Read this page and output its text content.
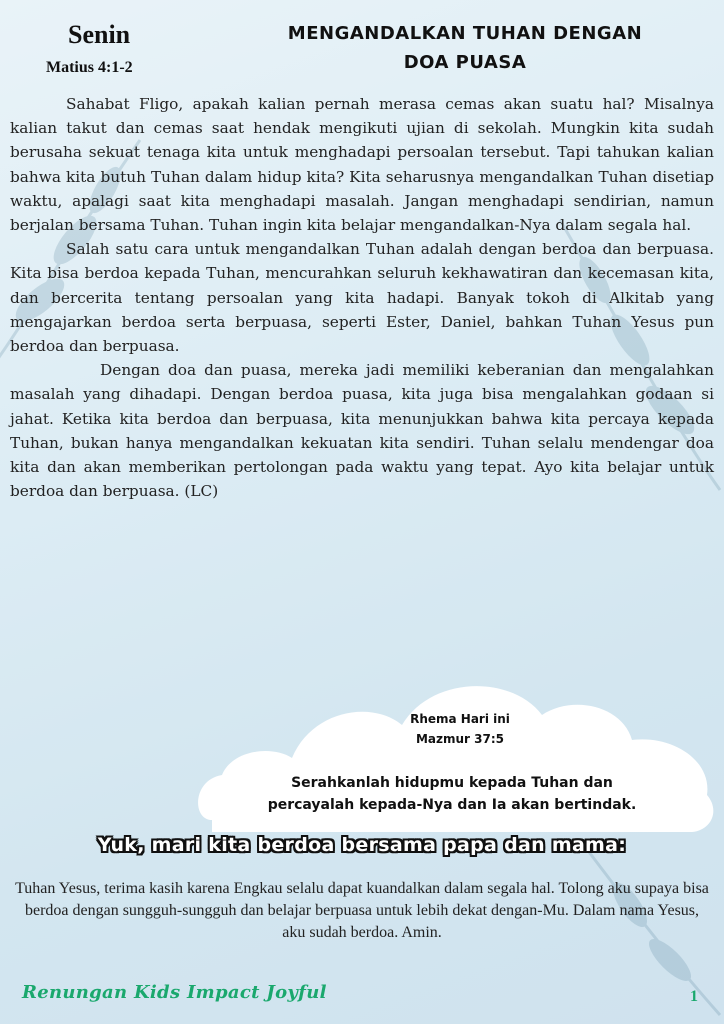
Senin
Matius 4:1-2
MENGANDALKAN TUHAN DENGAN
DOA PUASA

Sahabat Fligo, apakah kalian pernah merasa cemas akan suatu hal? Misalnya kalian takut dan cemas saat hendak mengikuti ujian di sekolah. Mungkin kita sudah berusaha sekuat tenaga kita untuk menghadapi persoalan tersebut. Tapi tahukan kalian bahwa kita butuh Tuhan dalam hidup kita? Kita seharusnya mengandalkan Tuhan disetiap waktu, apalagi saat kita menghadapi masalah. Jangan menghadapi sendirian, namun berjalan bersama Tuhan. Tuhan ingin kita belajar mengandalkan-Nya dalam segala hal.

Salah satu cara untuk mengandalkan Tuhan adalah dengan berdoa dan berpuasa. Kita bisa berdoa kepada Tuhan, mencurahkan seluruh kekhawatiran dan kecemasan kita, dan bercerita tentang persoalan yang kita hadapi. Banyak tokoh di Alkitab yang mengajarkan berdoa serta berpuasa, seperti Ester, Daniel, bahkan Tuhan Yesus pun berdoa dan berpuasa.

Dengan doa dan puasa, mereka jadi memiliki keberanian dan mengalahkan masalah yang dihadapi. Dengan berdoa puasa, kita juga bisa mengalahkan godaan si jahat. Ketika kita berdoa dan berpuasa, kita menunjukkan bahwa kita percaya kepada Tuhan, bukan hanya mengandalkan kekuatan kita sendiri. Tuhan selalu mendengar doa kita dan akan memberikan pertolongan pada waktu yang tepat. Ayo kita belajar untuk berdoa dan berpuasa. (LC)

Rhema Hari ini
Mazmur 37:5
Serahkanlah hidupmu kepada Tuhan dan
percayalah kepada-Nya dan Ia akan bertindak.
Yuk, mari kita berdoa bersama papa dan mama:
Tuhan Yesus, terima kasih karena Engkau selalu dapat kuandalkan dalam segala hal. Tolong aku supaya bisa berdoa dengan sungguh-sungguh dan belajar berpuasa untuk lebih dekat dengan-Mu. Dalam nama Yesus, aku sudah berdoa. Amin.
Renungan Kids Impact Joyful	1
